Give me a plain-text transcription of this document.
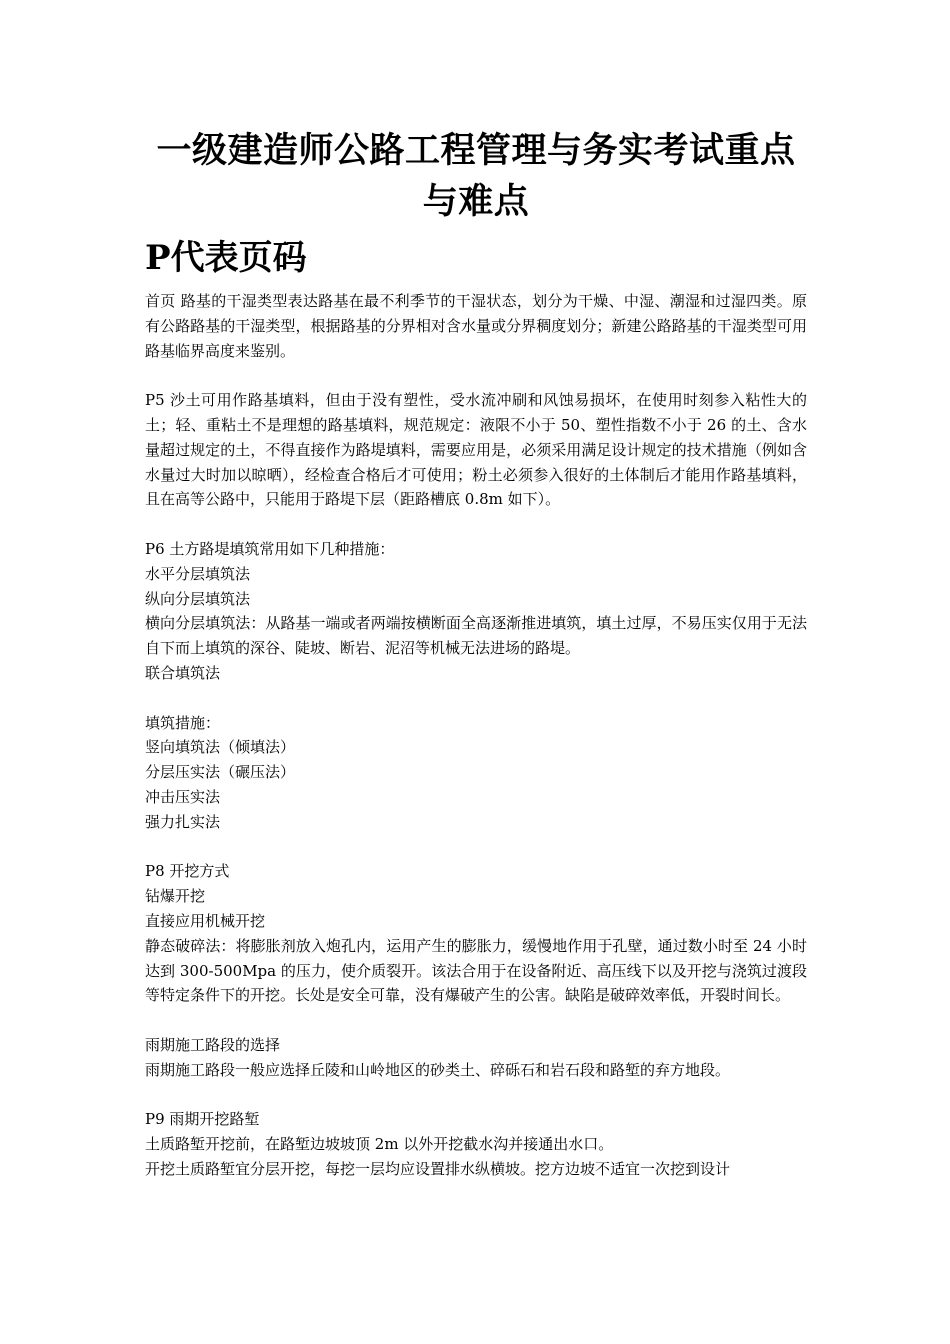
一级建造师公路工程管理与务实考试重点与难点
P代表页码

首页 路基的干湿类型表达路基在最不利季节的干湿状态，划分为干燥、中湿、潮湿和过湿四类。原有公路路基的干湿类型，根据路基的分界相对含水量或分界稠度划分；新建公路路基的干湿类型可用路基临界高度来鉴别。

P5 沙土可用作路基填料，但由于没有塑性，受水流冲刷和风蚀易损坏，在使用时刻参入粘性大的土；轻、重粘土不是理想的路基填料，规范规定：液限不小于 50、塑性指数不小于 26 的土、含水量超过规定的土，不得直接作为路堤填料，需要应用是，必须采用满足设计规定的技术措施（例如含水量过大时加以晾晒），经检查合格后才可使用；粉土必须参入很好的土体制后才能用作路基填料，且在高等公路中，只能用于路堤下层（距路槽底 0.8m 如下）。

P6 土方路堤填筑常用如下几种措施：

水平分层填筑法

纵向分层填筑法

横向分层填筑法：从路基一端或者两端按横断面全高逐渐推进填筑，填土过厚，不易压实仅用于无法自下而上填筑的深谷、陡坡、断岩、泥沼等机械无法进场的路堤。

联合填筑法

填筑措施：

竖向填筑法（倾填法）

分层压实法（碾压法）

冲击压实法

强力扎实法

P8 开挖方式

钻爆开挖

直接应用机械开挖

静态破碎法：将膨胀剂放入炮孔内，运用产生的膨胀力，缓慢地作用于孔壁，通过数小时至 24 小时达到 300-500Mpa 的压力，使介质裂开。该法合用于在设备附近、高压线下以及开挖与浇筑过渡段等特定条件下的开挖。长处是安全可靠，没有爆破产生的公害。缺陷是破碎效率低，开裂时间长。

雨期施工路段的选择

雨期施工路段一般应选择丘陵和山岭地区的砂类土、碎砾石和岩石段和路堑的弃方地段。

P9 雨期开挖路堑

土质路堑开挖前，在路堑边坡坡顶 2m 以外开挖截水沟并接通出水口。

开挖土质路堑宜分层开挖，每挖一层均应设置排水纵横坡。挖方边坡不适宜一次挖到设计
